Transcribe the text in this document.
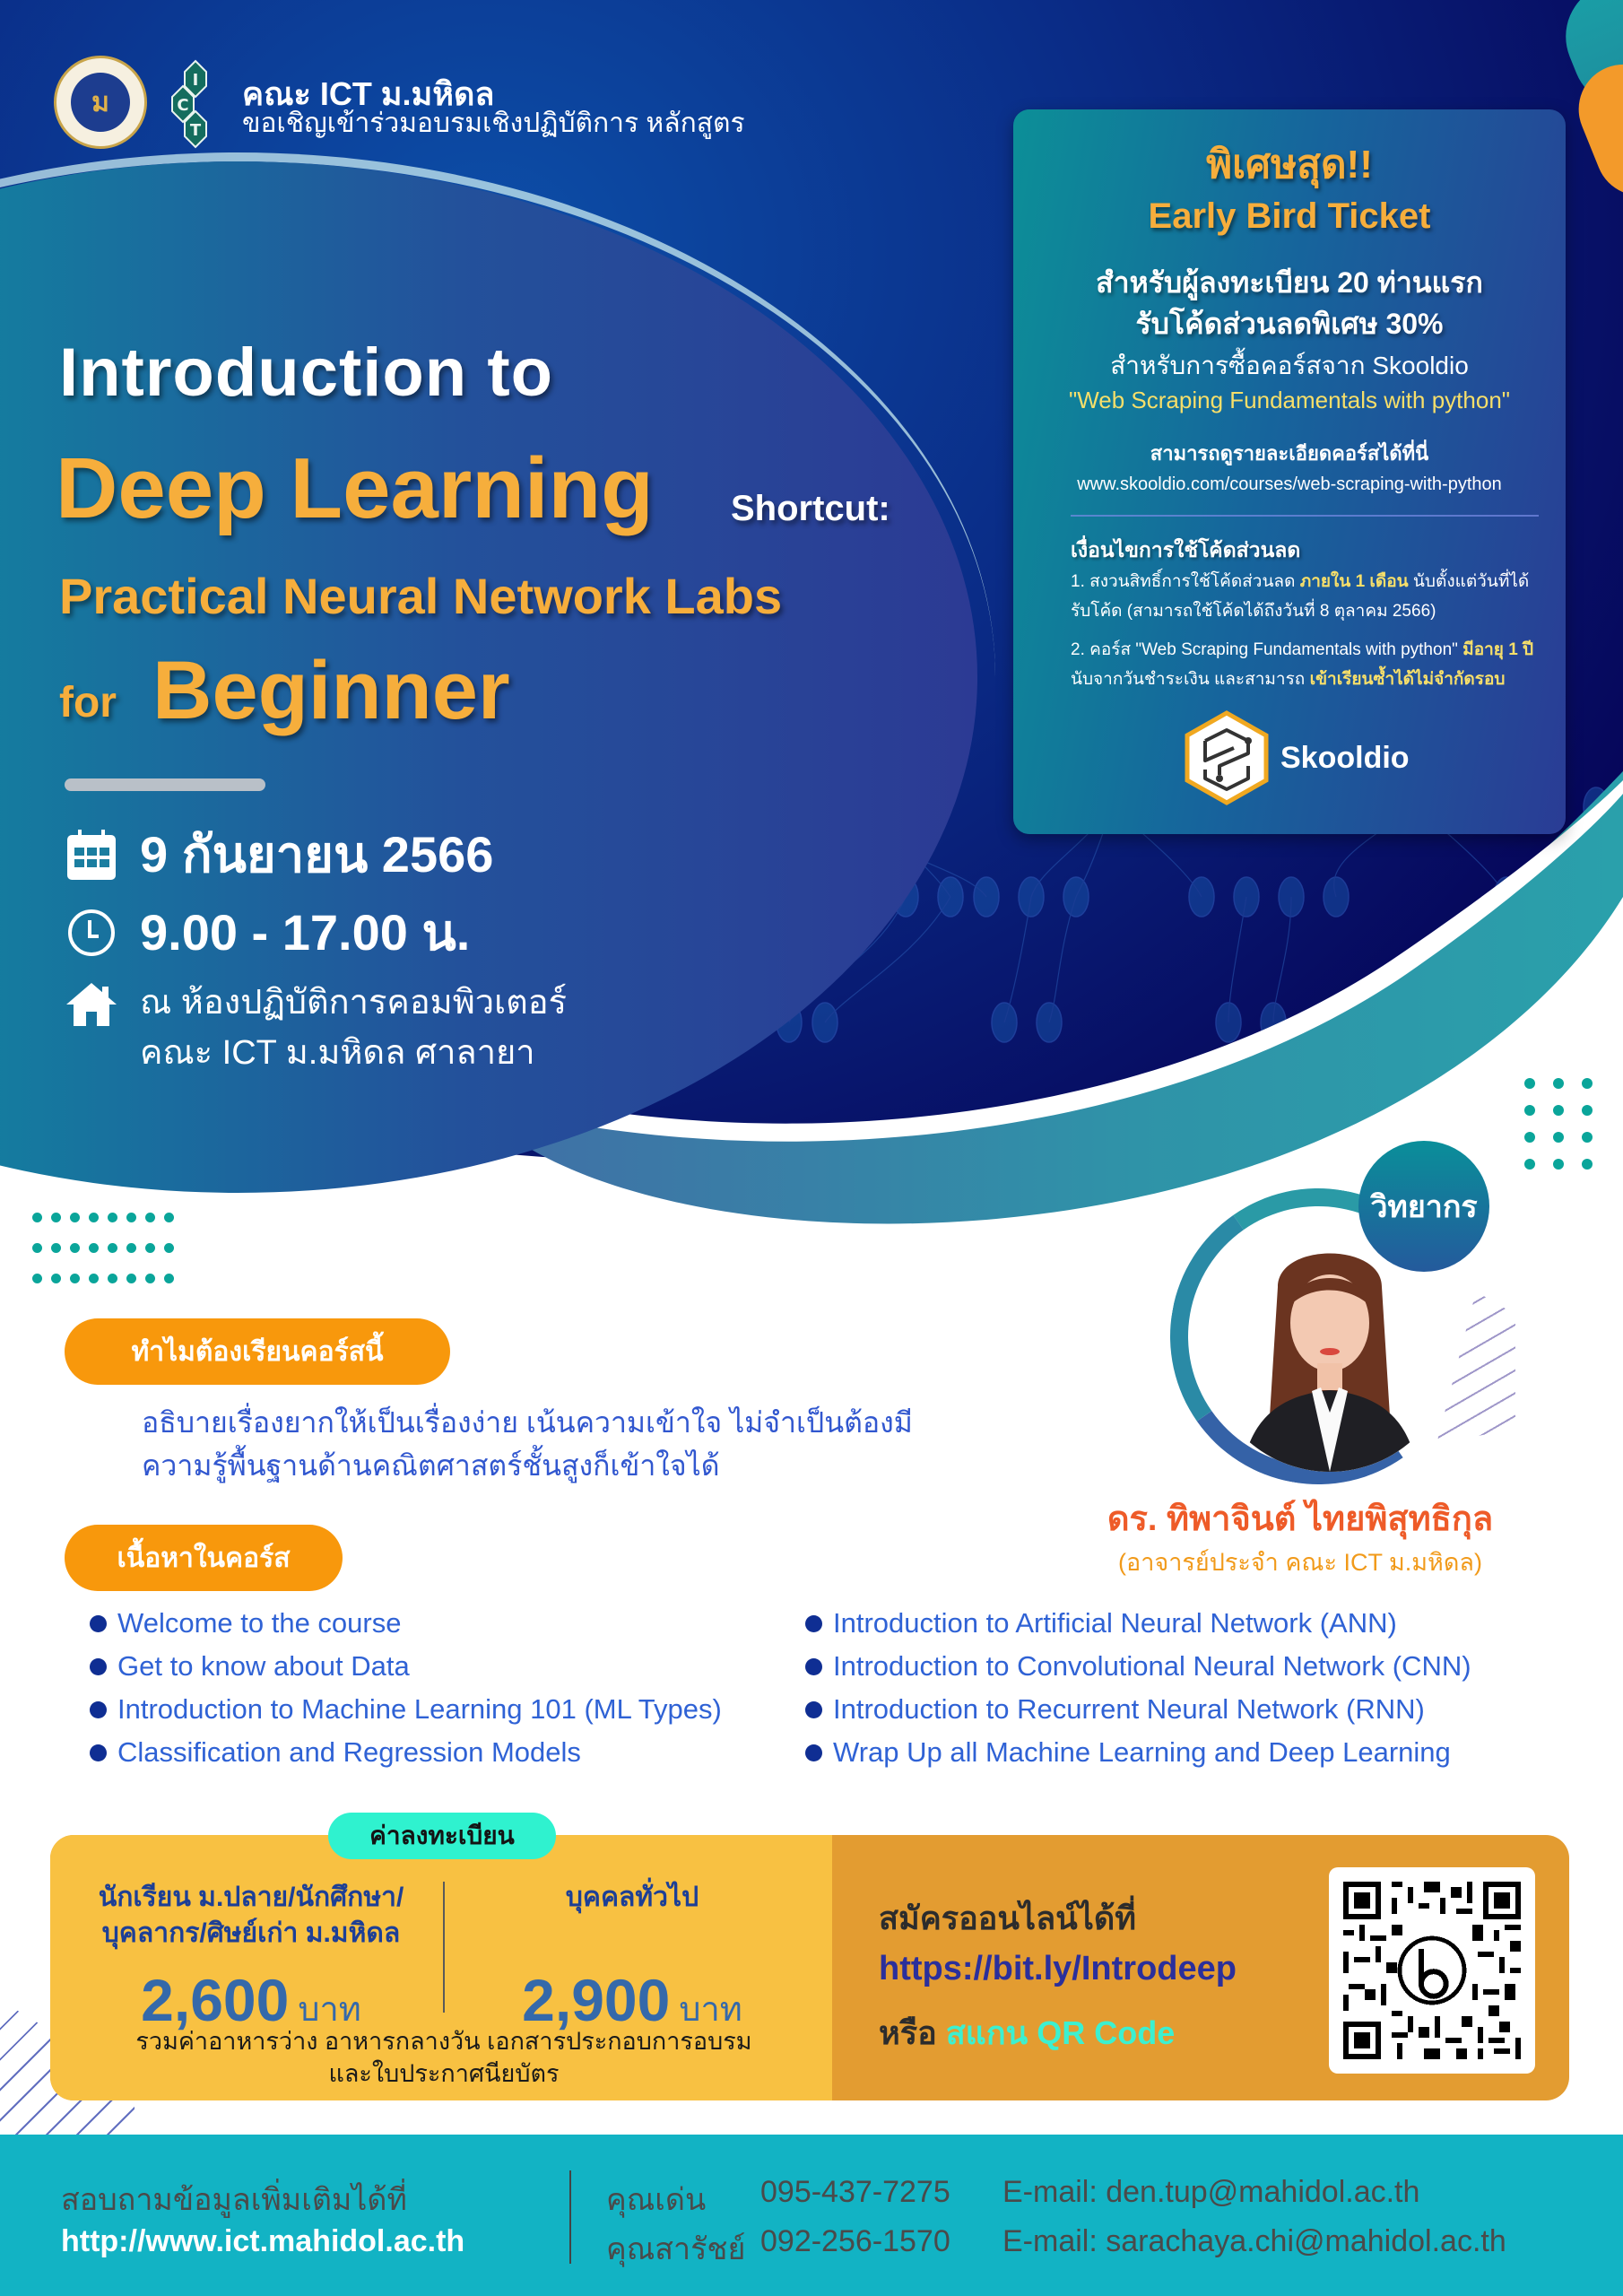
ม
I
C
T
คณะ ICT ม.มหิดล
ขอเชิญเข้าร่วมอบรมเชิงปฏิบัติการ หลักสูตร
Introduction to
Deep Learning Shortcut:
Practical Neural Network Labs
for Beginner
9 กันยายน 2566
9.00 - 17.00 น.
ณ ห้องปฏิบัติการคอมพิวเตอร์
คณะ ICT ม.มหิดล ศาลายา
พิเศษสุด!!
Early Bird Ticket
สำหรับผู้ลงทะเบียน 20 ท่านแรก
รับโค้ดส่วนลดพิเศษ 30%
สำหรับการซื้อคอร์สจาก Skooldio
"Web Scraping Fundamentals with python"
สามารถดูรายละเอียดคอร์สได้ที่นี่
www.skooldio.com/courses/web-scraping-with-python
เงื่อนไขการใช้โค้ดส่วนลด

1. สงวนสิทธิ์การใช้โค้ดส่วนลด ภายใน 1 เดือน นับตั้งแต่วันที่ได้รับโค้ด (สามารถใช้โค้ดได้ถึงวันที่ 8 ตุลาคม 2566)

2. คอร์ส "Web Scraping Fundamentals with python" มีอายุ 1 ปี นับจากวันชำระเงิน และสามารถ เข้าเรียนซ้ำได้ไม่จำกัดรอบ

Skooldio
วิทยากร
ดร. ทิพาจินต์ ไทยพิสุทธิกุล
(อาจารย์ประจำ คณะ ICT ม.มหิดล)
ทำไมต้องเรียนคอร์สนี้
อธิบายเรื่องยากให้เป็นเรื่องง่าย เน้นความเข้าใจ ไม่จำเป็นต้องมี
ความรู้พื้นฐานด้านคณิตศาสตร์ชั้นสูงก็เข้าใจได้
เนื้อหาในคอร์ส
Welcome to the course
Get to know about Data
Introduction to Machine Learning 101 (ML Types)
Classification and Regression Models
Introduction to Artificial Neural Network (ANN)
Introduction to Convolutional Neural Network (CNN)
Introduction to Recurrent Neural Network (RNN)
Wrap Up all Machine Learning and Deep Learning
ค่าลงทะเบียน
นักเรียน ม.ปลาย/นักศึกษา/
บุคลากร/ศิษย์เก่า ม.มหิดล
2,600 บาท
บุคคลทั่วไป
2,900 บาท
รวมค่าอาหารว่าง อาหารกลางวัน เอกสารประกอบการอบรม
และใบประกาศนียบัตร
สมัครออนไลน์ได้ที่
https://bit.ly/Introdeep
หรือ สแกน QR Code
สอบถามข้อมูลเพิ่มเติมได้ที่
http://www.ict.mahidol.ac.th
คุณเด่น	095-437-7275	E-mail: den.tup@mahidol.ac.th
คุณสารัชย์ 092-256-1570	E-mail: sarachaya.chi@mahidol.ac.th
